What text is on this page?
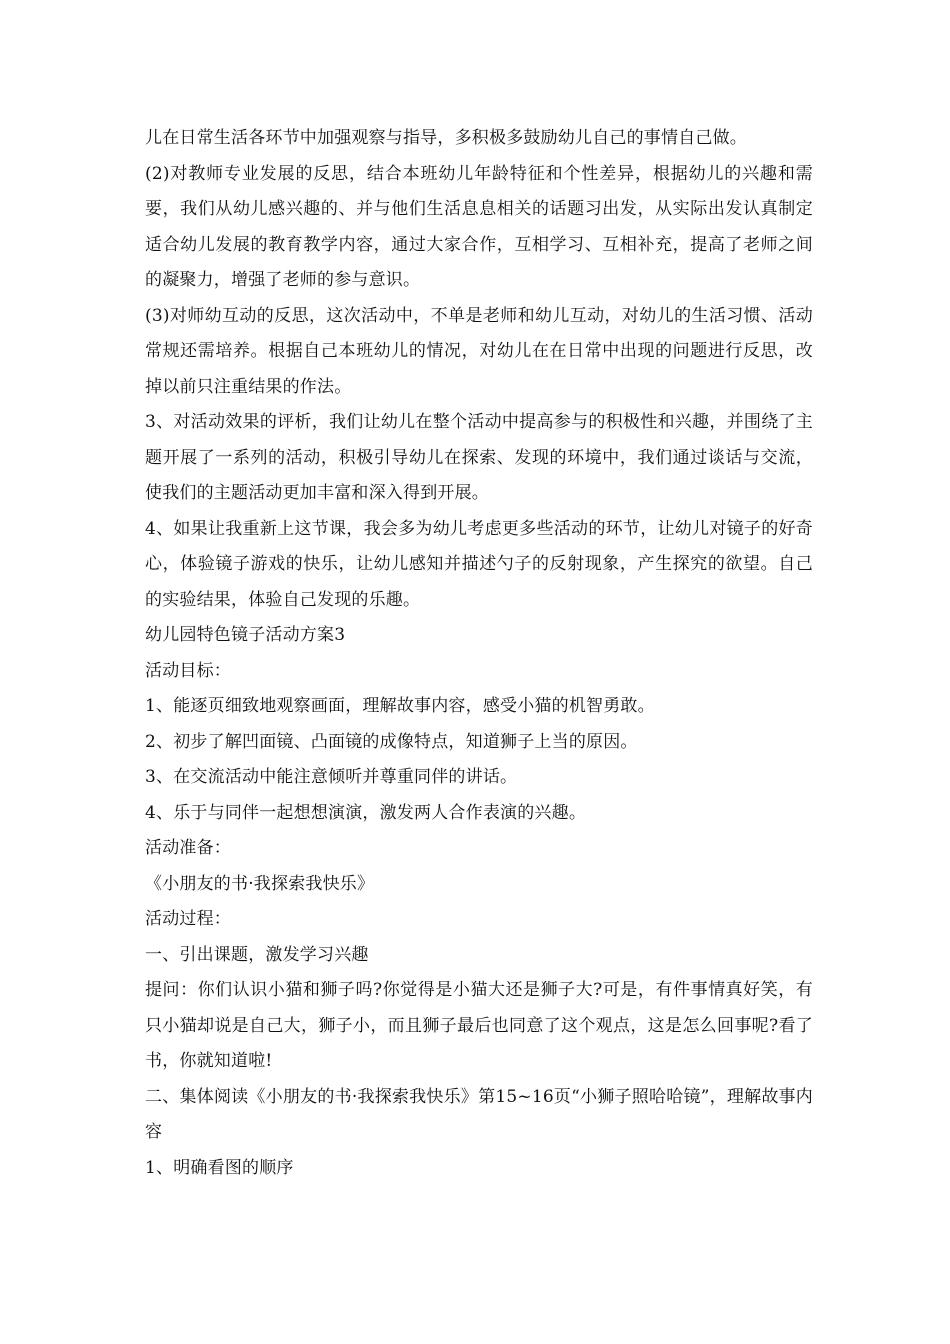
儿在日常生活各环节中加强观察与指导，多积极多鼓励幼儿自己的事情自己做。

(2)对教师专业发展的反思，结合本班幼儿年龄特征和个性差异，根据幼儿的兴趣和需要，我们从幼儿感兴趣的、并与他们生活息息相关的话题习出发，从实际出发认真制定适合幼儿发展的教育教学内容，通过大家合作，互相学习、互相补充，提高了老师之间的凝聚力，增强了老师的参与意识。

(3)对师幼互动的反思，这次活动中，不单是老师和幼儿互动，对幼儿的生活习惯、活动常规还需培养。根据自己本班幼儿的情况，对幼儿在在日常中出现的问题进行反思，改掉以前只注重结果的作法。

3、对活动效果的评析，我们让幼儿在整个活动中提高参与的积极性和兴趣，并围绕了主题开展了一系列的活动，积极引导幼儿在探索、发现的环境中，我们通过谈话与交流，使我们的主题活动更加丰富和深入得到开展。

4、如果让我重新上这节课，我会多为幼儿考虑更多些活动的环节，让幼儿对镜子的好奇心，体验镜子游戏的快乐，让幼儿感知并描述勺子的反射现象，产生探究的欲望。自己的实验结果，体验自己发现的乐趣。

幼儿园特色镜子活动方案3

活动目标：

1、能逐页细致地观察画面，理解故事内容，感受小猫的机智勇敢。

2、初步了解凹面镜、凸面镜的成像特点，知道狮子上当的原因。

3、在交流活动中能注意倾听并尊重同伴的讲话。

4、乐于与同伴一起想想演演，激发两人合作表演的兴趣。

活动准备：

《小朋友的书·我探索我快乐》

活动过程：

一、引出课题，激发学习兴趣

提问：你们认识小猫和狮子吗?你觉得是小猫大还是狮子大?可是，有件事情真好笑，有只小猫却说是自己大，狮子小，而且狮子最后也同意了这个观点，这是怎么回事呢?看了书，你就知道啦!

二、集体阅读《小朋友的书·我探索我快乐》第15~16页“小狮子照哈哈镜”，理解故事内容

1、明确看图的顺序
